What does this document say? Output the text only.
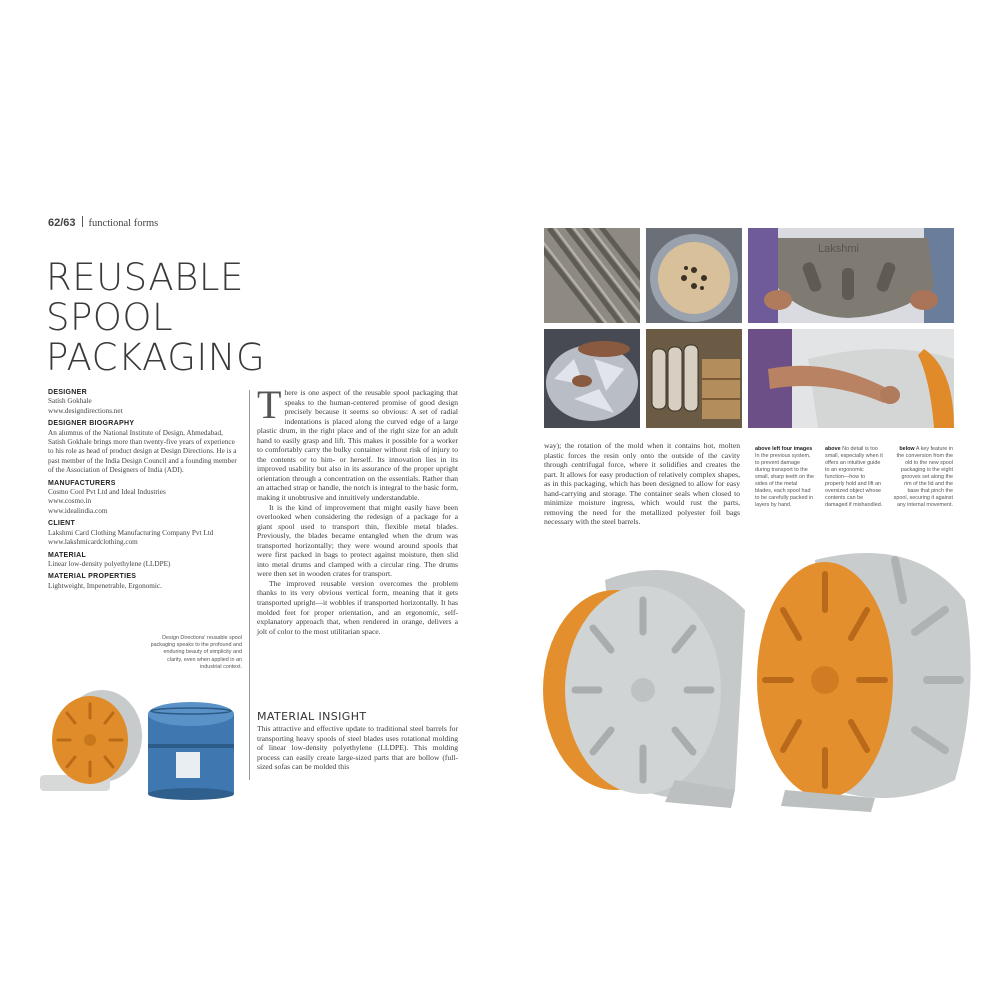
62/63 functional forms
REUSABLE SPOOL
PACKAGING
DESIGNER
Satish Gokhale
www.designdirections.net
DESIGNER BIOGRAPHY
An alumnus of the National Institute of Design, Ahmedabad, Satish Gokhale brings more than twenty-five years of experience to his role as head of product design at Design Directions. He is a past member of the India Design Council and a founding member of the Association of Designers of India (ADI).
MANUFACTURERS
Cosmo Cool Pvt Ltd and Ideal Industries
www.cosmo.in
www.idealindia.com
CLIENT
Lakshmi Card Clothing Manufacturing Company Pvt Ltd
www.lakshmicardclothing.com
MATERIAL
Linear low-density polyethylene (LLDPE)
MATERIAL PROPERTIES
Lightweight, Impenetrable, Ergonomic.
Design Directions' reusable spool packaging speaks to the profound and enduring beauty of simplicity and clarity, even when applied in an industrial context.

There is one aspect of the reusable spool packaging that speaks to the human-centered promise of good design precisely because it seems so obvious: A set of radial indentations is placed along the curved edge of a large plastic drum, in the right place and of the right size for an adult hand to easily grasp and lift. This makes it possible for a worker to comfortably carry the bulky container without risk of injury to the contents or to him- or herself. Its innovation lies in its improved usability but also in its assurance of the proper upright orientation through a concentration on the essentials. Rather than an attached strap or handle, the notch is integral to the basic form, making it unobtrusive and intuitively understandable.

It is the kind of improvement that might easily have been overlooked when considering the redesign of a package for a giant spool used to transport thin, flexible metal blades. Previously, the blades became entangled when the drum was transported horizontally; they were wound around spools that were first packed in bags to protect against moisture, then slid into metal drums and clamped with a circular ring. The drums were then set in wooden crates for transport.

The improved reusable version overcomes the problem thanks to its very obvious vertical form, meaning that it gets transported upright—it wobbles if transported horizontally. It has molded feet for proper orientation, and an ergonomic, self-explanatory approach that, when rendered in orange, delivers a jolt of color to the most utilitarian space.

MATERIAL INSIGHT
This attractive and effective update to traditional steel barrels for transporting heavy spools of steel blades uses rotational molding of linear low-density polyethylene (LLDPE). This molding process can easily create large-sized parts that are bollow (full-sized sofas can be molded this
Lakshmi
way); the rotation of the mold when it contains hot, molten plastic forces the resin only onto the outside of the cavity through centrifugal force, where it solidifies and creates the part. It allows for easy production of relatively complex shapes, as in this packaging, which has been designed to allow for easy hand-carrying and storage. The container seals when closed to minimize moisture ingress, which would rust the parts, removing the need for the metallized polyester foil bags necessary with the steel barrels.
above left four images In the previous system, to prevent damage during transport to the small, sharp teeth on the sides of the metal blades, each spool had to be carefully packed in layers by hand.
above No detail is too small, especially when it offers an intuitive guide to an ergonomic function—how to properly hold and lift an oversized object whose contents can be damaged if mishandled.
below A key feature in the conversion from the old to the new spool packaging is the eight grooves set along the rim of the lid and the base that pinch the spool, securing it against any internal movement.
